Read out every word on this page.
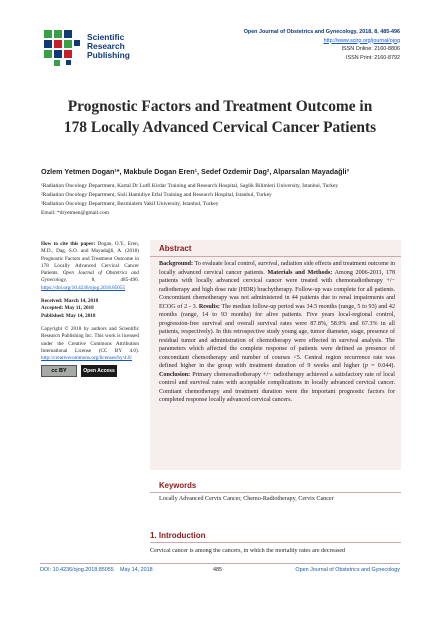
Scientific
Research
Publishing
Open Journal of Obstetrics and Gynecology, 2018, 8, 485-496
http://www.scirp.org/journal/ojog
ISSN Online: 2160-8806
ISSN Print: 2160-8792
Prognostic Factors and Treatment Outcome in
178 Locally Advanced Cervical Cancer Patients
Ozlem Yetmen Dogan¹*, Makbule Dogan Eren¹, Sedef Ozdemir Dag², Alparsalan Mayadağli³
¹Radiation Oncology Department, Kartal Dr Lutfi Kirdar Training and Research Hospital, Saglik Bilimleri University, Istanbul, Turkey
²Radiation Oncology Department, Sisli Hamidiye Etfal Training and Research Hospital, Istanbul, Turkey
³Radiation Oncology Department, Bezmialem Vakif University, Istanbul, Turkey
Email: *dryetmen@gmail.com
How to cite this paper: Dogan, O.Y., Eren, M.D., Dag, S.O. and Mayadağli, A. (2018) Prognostic Factors and Treatment Outcome in 178 Locally Advanced Cervical Cancer Patients. Open Journal of Obstetrics and Gynecology,	8, 485-496. https://doi.org/10.4236/ojog.2018.85055
Received: March 14, 2018
Accepted: May 11, 2018
Published: May 14, 2018
Copyright © 2018 by authors and Scientific Research Publishing Inc. This work is licensed under the Creative Commons Attribution International License (CC BY 4.0). http://creativecommons.org/licenses/by/4.0/
cc BY	Open Access
Abstract
Background: To evaluate local control, survival, radiation side effects and treatment outcome in locally advanced cervical cancer patients. Materials and Methods: Among 2006-2011, 178 patients with locally advanced cervical cancer were treated with chemoradiotherapy +/− radiotherapy and high dose rate (HDR) brachytherapy. Follow-up was complete for all patients. Concomitant chemotherapy was not administered in 44 patients due to renal impairments and ECOG of 2 - 3. Results: The median follow-up period was 34.5 months (range, 5 to 93) and 42 months (range, 14 to 93 months) for alive patients. Five years local-regional control, progression-free survival and overall survival rates were 87.8%, 58.9% and 67.3% in all patients, respectively). In this retrospective study young age, tumor diameter, stage, presence of residual tumor and administration of chemotherapy were effected in survival analysis. The parameters which affected the complete response of patients were defined as presence of concomitant chemotherapy and number of courses <5. Central region recurrence rate was defined higher in the group with treatment duration of 9 weeks and higher (p = 0.044). Conclusion: Primary chemoradiotherapy +/− radiotherapy achieved a satisfactory rate of local control and survival rates with acceptable complications in locally advanced cervical cancer. Comitant chemotherapy and treatment duration were the important prognostic factors for completed response locally advanced cervical cancers.
Keywords
Locally Advanced Cervix Cancer, Chemo-Radiotherapy, Cervix Cancer
1. Introduction
Cervical cancer is among the cancers, in which the mortality rates are decreased
DOI: 10.4236/ojog.2018.85055 May 14, 2018	485	Open Journal of Obstetrics and Gynecology
